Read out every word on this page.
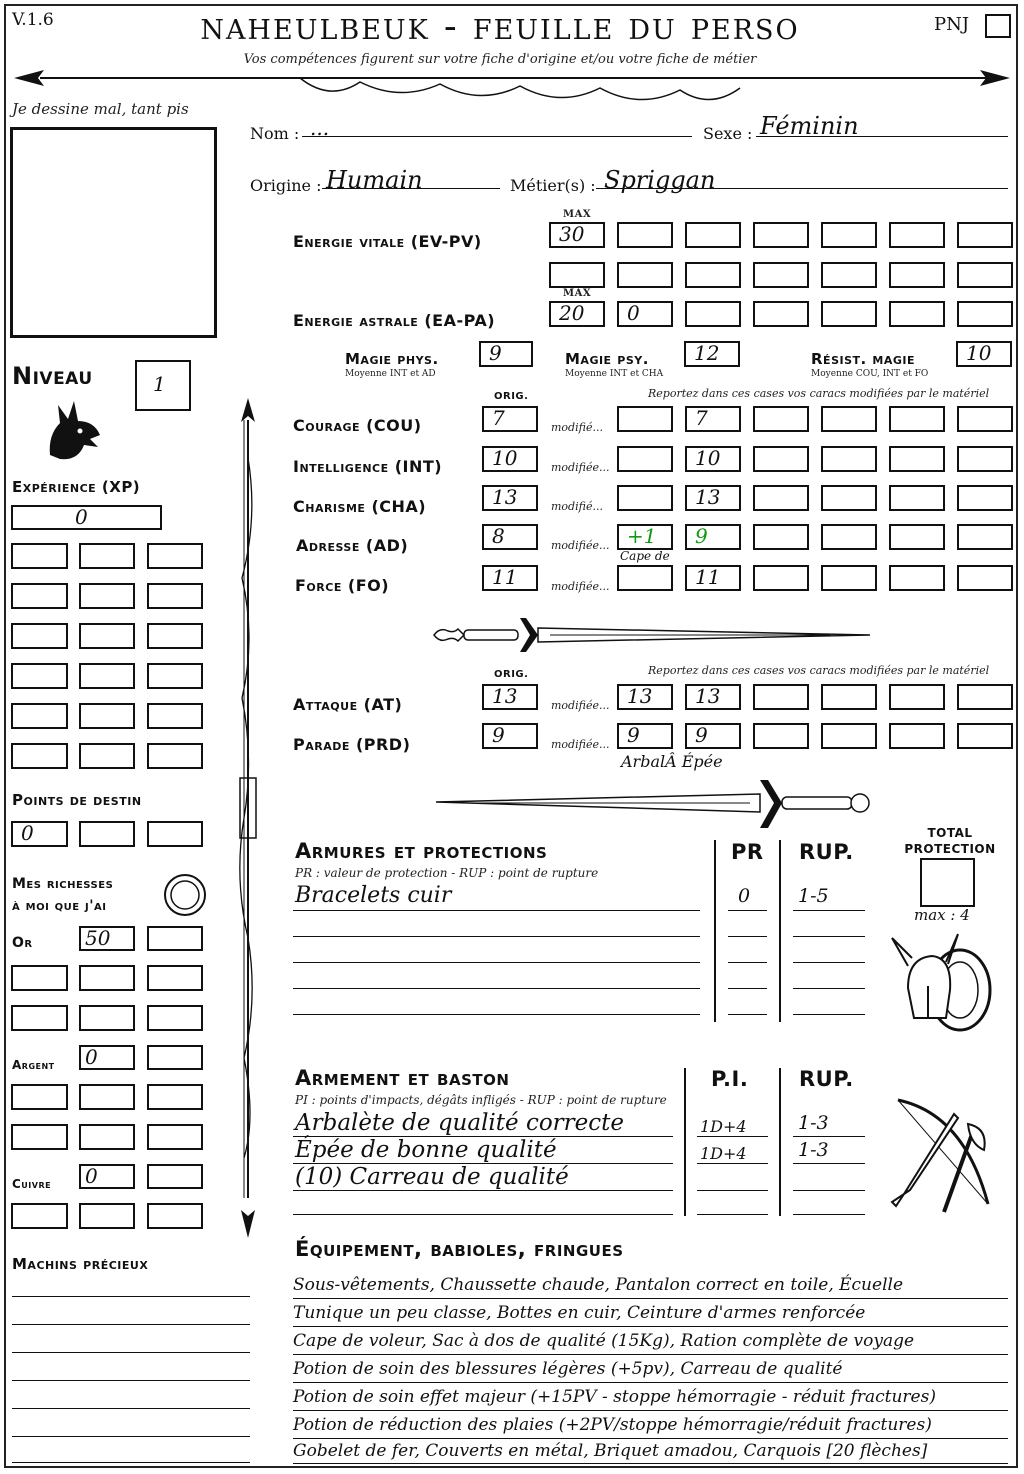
V.1.6	naheulbeuk - feuille du perso
Vos compétences figurent sur votre fiche d'origine et/ou votre fiche de métier
PNJ
Je dessine mal, tant pis
Nom : ...	Sexe : Féminin
Origine : Humain	Métier(s) : Spriggan
MAX
Energie vitale (EV-PV)	30
MAX
Energie astrale (EA-PA)	20 0
Magie phys.
Moyenne INT et AD
9	Magie psy.
Moyenne INT et CHA
12	Résist. magie
Moyenne COU, INT et FO
10
Niveau	1
Expérience (XP)
0
Points de destin
0
Mes richesses
à moi que j'ai
Or	50
Argent 0
Cuivre 0
Machins précieux
ORIG.	Reportez dans ces cases vos caracs modifiées par le matériel
Courage (COU)	7	modifié...	7
Intelligence (INT) 10	modifiée...	10
Charisme (CHA)	13	modifié...	13
Adresse (AD)	8	modifiée... +1 9
Cape de
Force (FO)	11	modifiée...	11
ORIG.	Reportez dans ces cases vos caracs modifiées par le matériel
Attaque (AT)	13	modifiée... 13 13
Parade (PRD)	9	modifiée... 9	9
ArbalÂ Épée
Armures et protections
PR : valeur de protection - RUP : point de rupture
PR RUP.
Bracelets cuir	0	1-5
TOTAL
PROTECTION
max : 4
Armement et baston
PI : points d'impacts, dégâts infligés - RUP : point de rupture
P.I. RUP.
Arbalète de qualité correcte	1D+4	1-3
Épée de bonne qualité	1D+4	1-3
(10) Carreau de qualité
Équipement, babioles, fringues
Sous-vêtements, Chaussette chaude, Pantalon correct en toile, Écuelle
Tunique un peu classe, Bottes en cuir, Ceinture d'armes renforcée
Cape de voleur, Sac à dos de qualité (15Kg), Ration complète de voyage
Potion de soin des blessures légères (+5pv), Carreau de qualité
Potion de soin effet majeur (+15PV - stoppe hémorragie - réduit fractures)
Potion de réduction des plaies (+2PV/stoppe hémorragie/réduit fractures)
Gobelet de fer, Couverts en métal, Briquet amadou, Carquois [20 flèches]
